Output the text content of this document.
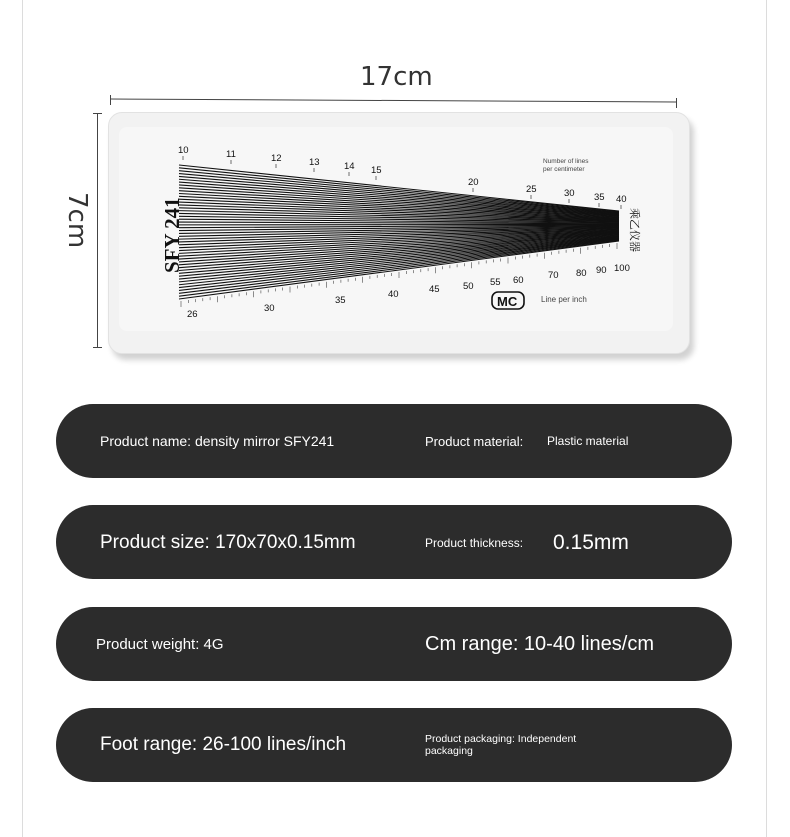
17cm
7cm
10	11	12	13	14 15
20
25	30 35 40
26
30
35
40	45 50 55 60	70 80 90 100
Number of lines
per centimeter
Line per inch
SFY 241	乘乙仪器
MC
Product name: density mirror SFY241	Product material: Plastic material
Product size: 170x70x0.15mm	Product thickness: 0.15mm
Product weight: 4G	Cm range: 10-40 lines/cm
Foot range: 26-100 lines/inch	Product packaging: Independent packaging
